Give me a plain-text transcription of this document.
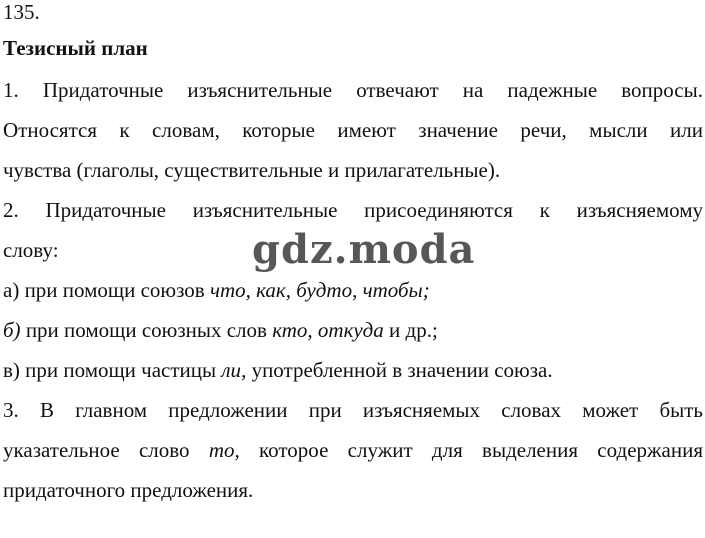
135.
Тезисный план
1. Придаточные изъяснительные отвечают на падежные вопросы.
Относятся к словам, которые имеют значение речи, мысли или
чувства (глаголы, существительные и прилагательные).
2. Придаточные изъяснительные присоединяются к изъясняемому
слову:
а) при помощи союзов что, как, будто, чтобы;
б) при помощи союзных слов кто, откуда и др.;
в) при помощи частицы ли, употребленной в значении союза.
3. В главном предложении при изъясняемых словах может быть
указательное слово то, которое служит для выделения содержания
придаточного предложения.
gdz.moda
